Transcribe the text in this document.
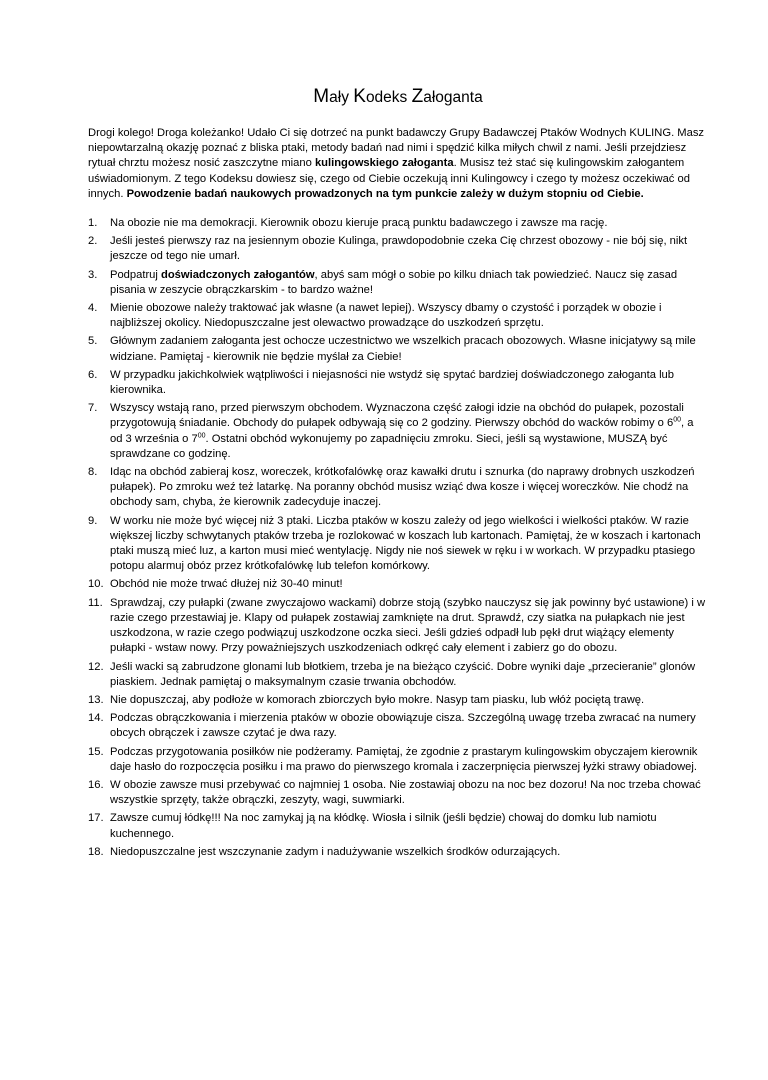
Mały Kodeks Załoganta

Drogi kolego! Droga koleżanko! Udało Ci się dotrzeć na punkt badawczy Grupy Badawczej Ptaków Wodnych KULING. Masz niepowtarzalną okazję poznać z bliska ptaki, metody badań nad nimi i spędzić kilka miłych chwil z nami. Jeśli przejdziesz rytuał chrztu możesz nosić zaszczytne miano kulingowskiego załoganta. Musisz też stać się kulingowskim załogantem uświadomionym. Z tego Kodeksu dowiesz się, czego od Ciebie oczekują inni Kulingowcy i czego ty możesz oczekiwać od innych. Powodzenie badań naukowych prowadzonych na tym punkcie zależy w dużym stopniu od Ciebie.

1. Na obozie nie ma demokracji. Kierownik obozu kieruje pracą punktu badawczego i zawsze ma rację.
2. Jeśli jesteś pierwszy raz na jesiennym obozie Kulinga, prawdopodobnie czeka Cię chrzest obozowy - nie bój się, nikt jeszcze od tego nie umarł.
3. Podpatruj doświadczonych załogantów, abyś sam mógł o sobie po kilku dniach tak powiedzieć. Naucz się zasad pisania w zeszycie obrączkarskim - to bardzo ważne!
4. Mienie obozowe należy traktować jak własne (a nawet lepiej). Wszyscy dbamy o czystość i porządek w obozie i najbliższej okolicy. Niedopuszczalne jest olewactwo prowadzące do uszkodzeń sprzętu.
5. Głównym zadaniem załoganta jest ochocze uczestnictwo we wszelkich pracach obozowych. Własne inicjatywy są mile widziane. Pamiętaj - kierownik nie będzie myślał za Ciebie!
6. W przypadku jakichkolwiek wątpliwości i niejasności nie wstydź się spytać bardziej doświadczonego załoganta lub kierownika.
7. Wszyscy wstają rano, przed pierwszym obchodem. Wyznaczona część załogi idzie na obchód do pułapek, pozostali przygotowują śniadanie. Obchody do pułapek odbywają się co 2 godziny. Pierwszy obchód do wacków robimy o $6^{00}$, a od 3 września o $7^{00}$. Ostatni obchód wykonujemy po zapadnięciu zmroku. Sieci, jeśli są wystawione, MUSZĄ być sprawdzane co godzinę.
8. Idąc na obchód zabieraj kosz, woreczek, krótkofalówkę oraz kawałki drutu i sznurka (do naprawy drobnych uszkodzeń pułapek). Po zmroku weź też latarkę. Na poranny obchód musisz wziąć dwa kosze i więcej woreczków. Nie chodź na obchody sam, chyba, że kierownik zadecyduje inaczej.
9. W worku nie może być więcej niż 3 ptaki. Liczba ptaków w koszu zależy od jego wielkości i wielkości ptaków. W razie większej liczby schwytanych ptaków trzeba je rozlokować w koszach lub kartonach. Pamiętaj, że w koszach i kartonach ptaki muszą mieć luz, a karton musi mieć wentylację. Nigdy nie noś siewek w ręku i w workach. W przypadku ptasiego potopu alarmuj obóz przez krótkofalówkę lub telefon komórkowy.
10. Obchód nie może trwać dłużej niż 30-40 minut!
11. Sprawdzaj, czy pułapki (zwane zwyczajowo wackami) dobrze stoją (szybko nauczysz się jak powinny być ustawione) i w razie czego przestawiaj je. Klapy od pułapek zostawiaj zamknięte na drut. Sprawdź, czy siatka na pułapkach nie jest uszkodzona, w razie czego podwiązuj uszkodzone oczka sieci. Jeśli gdzieś odpadł lub pękł drut wiążący elementy pułapki - wstaw nowy. Przy poważniejszych uszkodzeniach odkręć cały element i zabierz go do obozu.
12. Jeśli wacki są zabrudzone glonami lub błotkiem, trzeba je na bieżąco czyścić. Dobre wyniki daje „przecieranie” glonów piaskiem. Jednak pamiętaj o maksymalnym czasie trwania obchodów.
13. Nie dopuszczaj, aby podłoże w komorach zbiorczych było mokre. Nasyp tam piasku, lub włóż pociętą trawę.
14. Podczas obrączkowania i mierzenia ptaków w obozie obowiązuje cisza. Szczególną uwagę trzeba zwracać na numery obcych obrączek i zawsze czytać je dwa razy.
15. Podczas przygotowania posiłków nie podżeramy. Pamiętaj, że zgodnie z prastarym kulingowskim obyczajem kierownik daje hasło do rozpoczęcia posiłku i ma prawo do pierwszego kromala i zaczerpnięcia pierwszej łyżki strawy obiadowej.
16. W obozie zawsze musi przebywać co najmniej 1 osoba. Nie zostawiaj obozu na noc bez dozoru! Na noc trzeba chować wszystkie sprzęty, także obrączki, zeszyty, wagi, suwmiarki.
17. Zawsze cumuj łódkę!!! Na noc zamykaj ją na kłódkę. Wiosła i silnik (jeśli będzie) chowaj do domku lub namiotu kuchennego.
18. Niedopuszczalne jest wszczynanie zadym i nadużywanie wszelkich środków odurzających.
